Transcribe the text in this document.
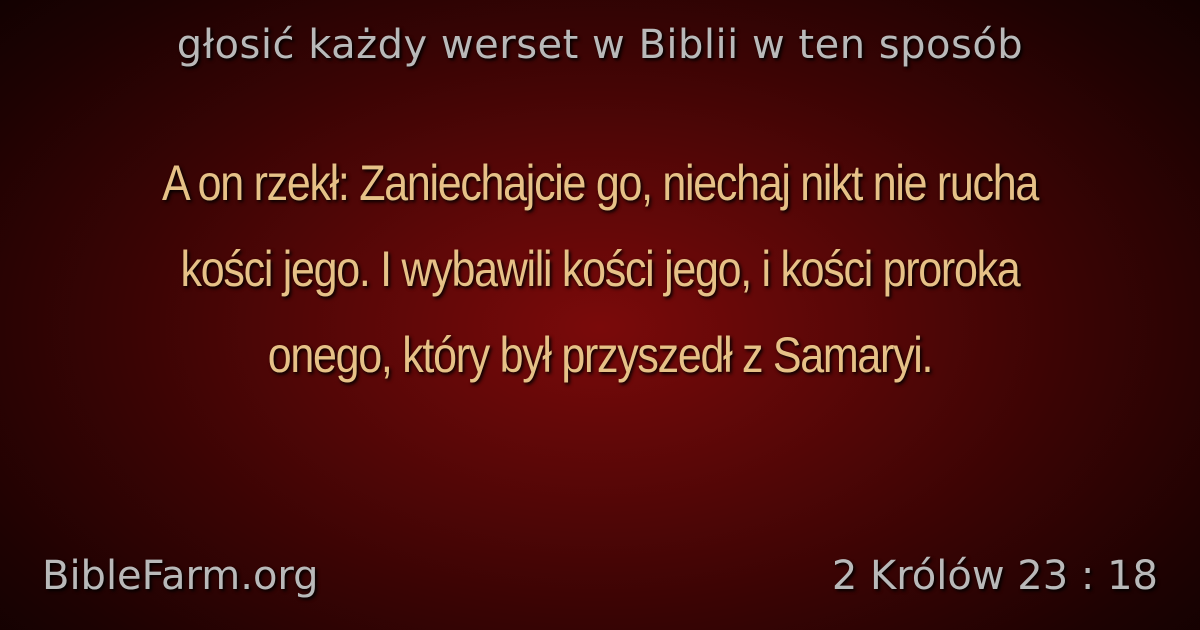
głosić każdy werset w Biblii w ten sposób
A on rzekł: Zaniechajcie go, niechaj nikt nie rucha kości jego. I wybawili kości jego, i kości proroka onego, który był przyszedł z Samaryi.
BibleFarm.org	2 Królów 23 : 18
